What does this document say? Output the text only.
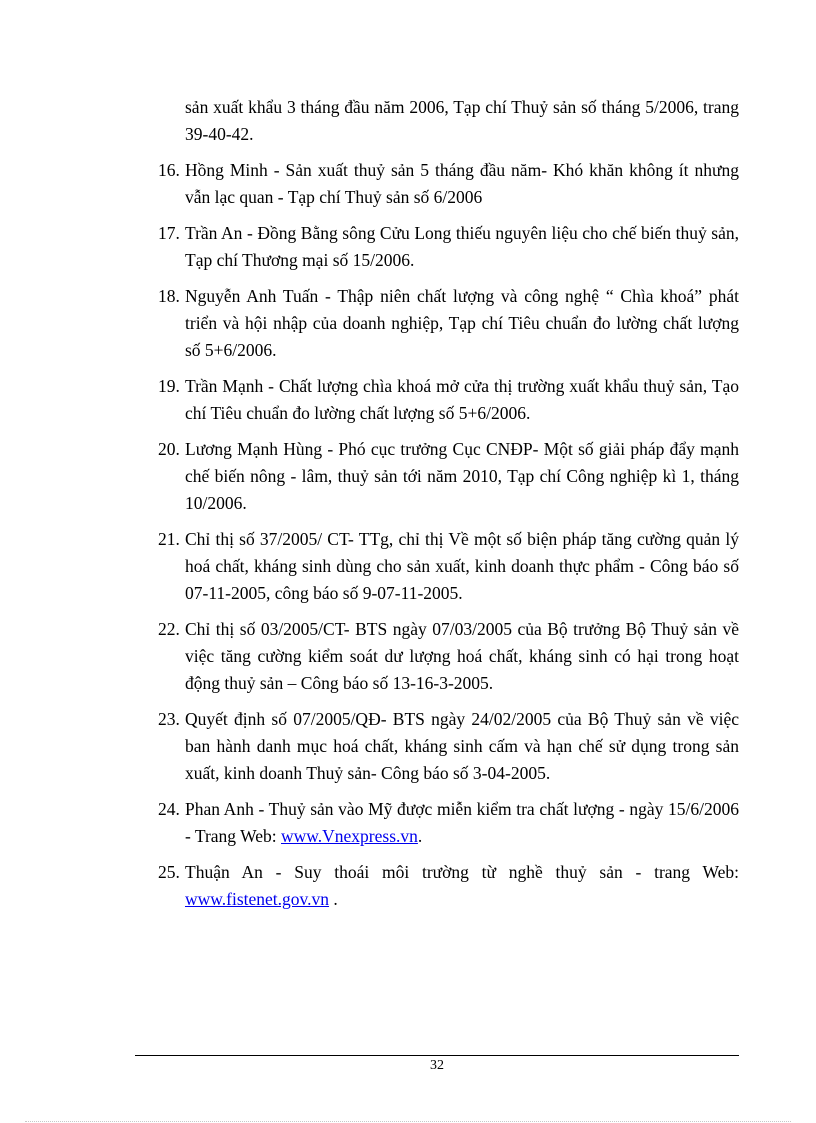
sản xuất khẩu 3 tháng đầu năm 2006, Tạp chí Thuỷ sản số tháng 5/2006, trang 39-40-42.
16. Hồng Minh - Sản xuất thuỷ sản 5 tháng đầu năm- Khó khăn không ít nhưng vẫn lạc quan - Tạp chí Thuỷ sản số 6/2006
17. Trần An - Đồng Bằng sông Cửu Long thiếu nguyên liệu cho chế biến thuỷ sản, Tạp chí Thương mại số 15/2006.
18. Nguyễn Anh Tuấn - Thập niên chất lượng và công nghệ “ Chìa khoá” phát triển và hội nhập của doanh nghiệp, Tạp chí Tiêu chuẩn đo lường chất lượng số 5+6/2006.
19. Trần Mạnh - Chất lượng chìa khoá mở cửa thị trường xuất khẩu thuỷ sản, Tạo chí Tiêu chuẩn đo lường chất lượng số 5+6/2006.
20. Lương Mạnh Hùng - Phó cục trưởng Cục CNĐP- Một số giải pháp đẩy mạnh chế biến nông - lâm, thuỷ sản tới năm 2010, Tạp chí Công nghiệp kì 1, tháng 10/2006.
21. Chỉ thị số 37/2005/ CT- TTg, chỉ thị Về một số biện pháp tăng cường quản lý hoá chất, kháng sinh dùng cho sản xuất, kinh doanh thực phẩm - Công báo số 07-11-2005, công báo số 9-07-11-2005.
22. Chỉ thị số 03/2005/CT- BTS ngày 07/03/2005 của Bộ trưởng Bộ Thuỷ sản về việc tăng cường kiểm soát dư lượng hoá chất, kháng sinh có hại trong hoạt động thuỷ sản – Công báo số 13-16-3-2005.
23. Quyết định số 07/2005/QĐ- BTS ngày 24/02/2005 của Bộ Thuỷ sản về việc ban hành danh mục hoá chất, kháng sinh cấm và hạn chế sử dụng trong sản xuất, kinh doanh Thuỷ sản- Công báo số 3-04-2005.
24. Phan Anh - Thuỷ sản vào Mỹ được miễn kiểm tra chất lượng - ngày 15/6/2006 - Trang Web: www.Vnexpress.vn.
25. Thuận An - Suy thoái môi trường từ nghề thuỷ sản - trang Web: www.fistenet.gov.vn .
32
